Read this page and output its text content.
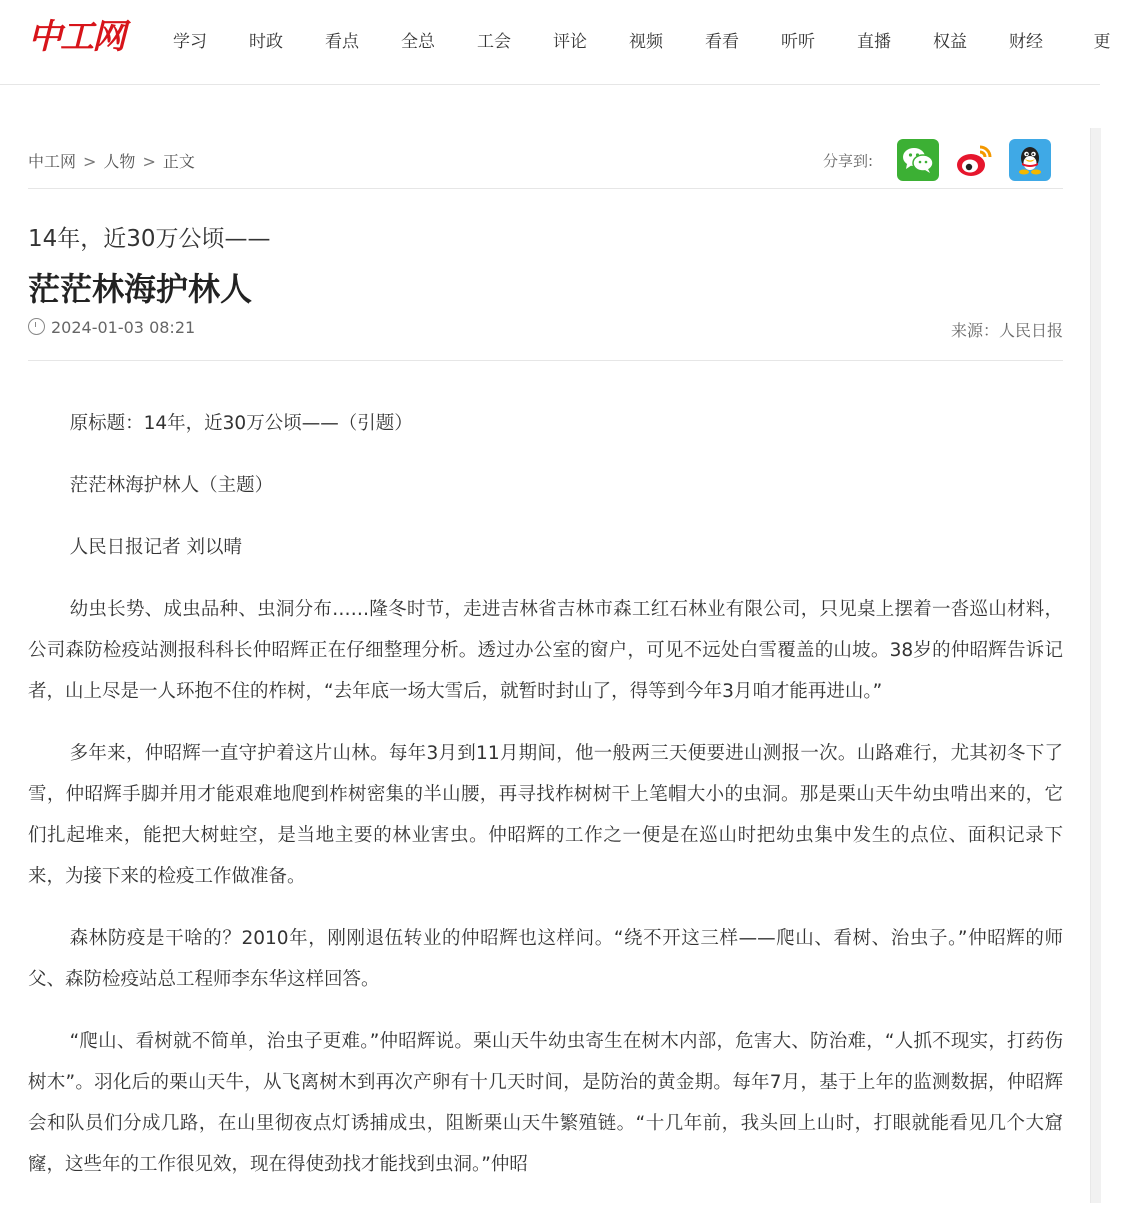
中工网	学习	时政	看点	全总	工会	评论	视频	看看	听听	直播	权益	财经	更
中工网 > 人物 > 正文	分享到:
14年，近30万公顷——
茫茫林海护林人
2024-01-03 08:21	来源：人民日报

原标题：14年，近30万公顷——（引题）

茫茫林海护林人（主题）

人民日报记者 刘以晴

幼虫长势、成虫品种、虫洞分布……隆冬时节，走进吉林省吉林市森工红石林业有限公司，只见桌上摆着一沓巡山材料，公司森防检疫站测报科科长仲昭辉正在仔细整理分析。透过办公室的窗户，可见不远处白雪覆盖的山坡。38岁的仲昭辉告诉记者，山上尽是一人环抱不住的柞树，“去年底一场大雪后，就暂时封山了，得等到今年3月咱才能再进山。”

多年来，仲昭辉一直守护着这片山林。每年3月到11月期间，他一般两三天便要进山测报一次。山路难行，尤其初冬下了雪，仲昭辉手脚并用才能艰难地爬到柞树密集的半山腰，再寻找柞树树干上笔帽大小的虫洞。那是栗山天牛幼虫啃出来的，它们扎起堆来，能把大树蛀空，是当地主要的林业害虫。仲昭辉的工作之一便是在巡山时把幼虫集中发生的点位、面积记录下来，为接下来的检疫工作做准备。

森林防疫是干啥的？2010年，刚刚退伍转业的仲昭辉也这样问。“绕不开这三样——爬山、看树、治虫子。”仲昭辉的师父、森防检疫站总工程师李东华这样回答。

“爬山、看树就不简单，治虫子更难。”仲昭辉说。栗山天牛幼虫寄生在树木内部，危害大、防治难，“人抓不现实，打药伤树木”。羽化后的栗山天牛，从飞离树木到再次产卵有十几天时间，是防治的黄金期。每年7月，基于上年的监测数据，仲昭辉会和队员们分成几路，在山里彻夜点灯诱捕成虫，阻断栗山天牛繁殖链。“十几年前，我头回上山时，打眼就能看见几个大窟窿，这些年的工作很见效，现在得使劲找才能找到虫洞。”仲昭
